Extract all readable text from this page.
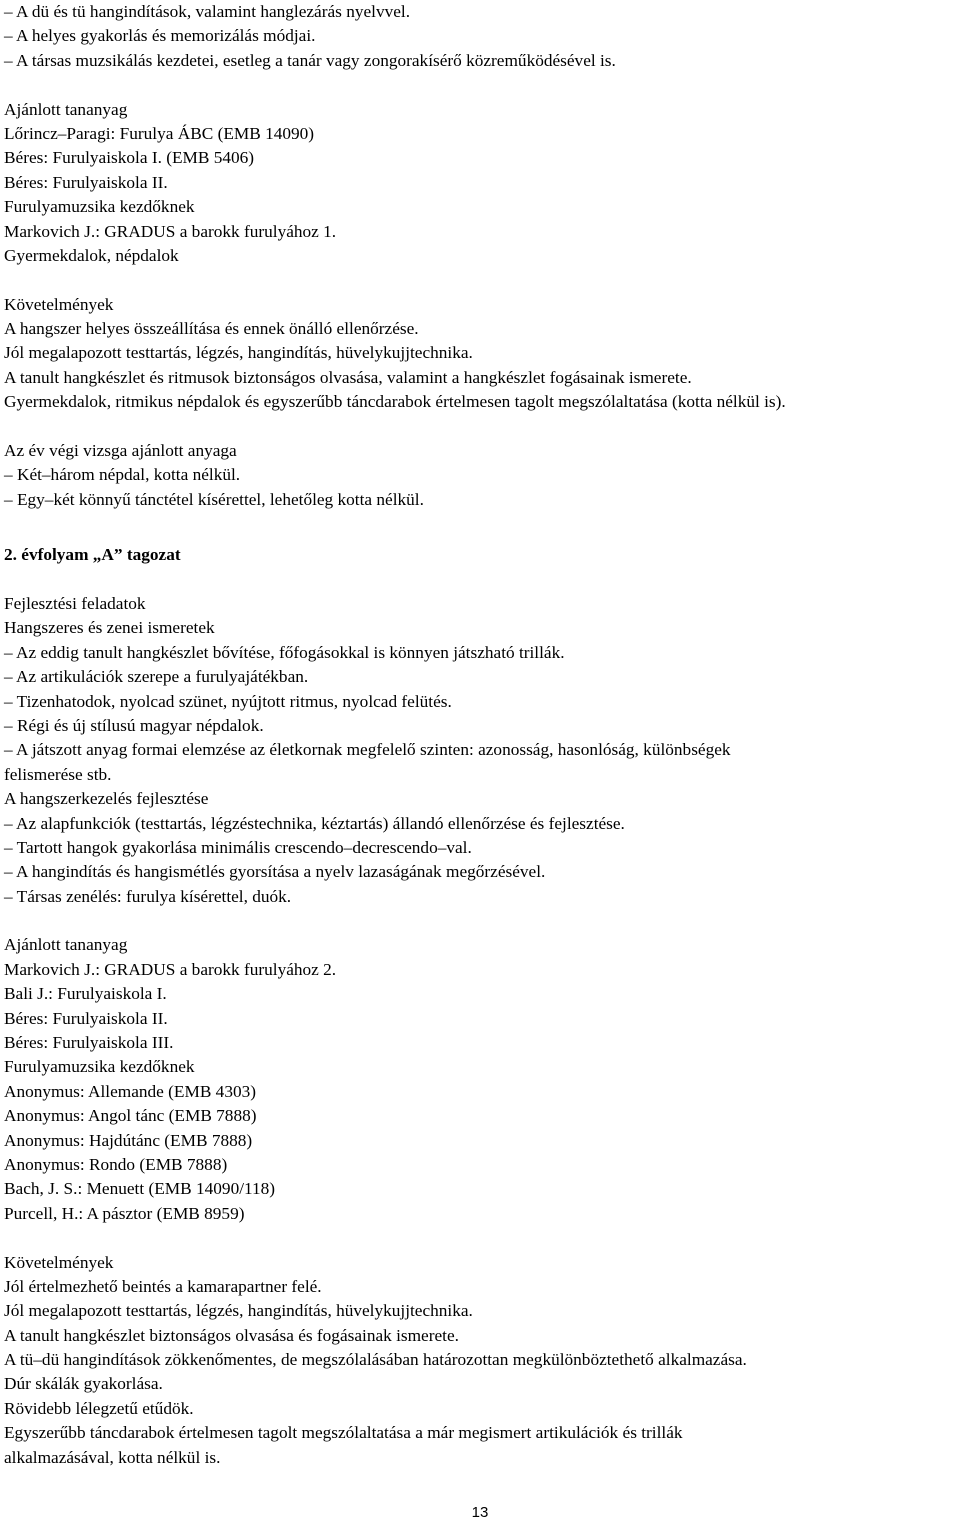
– A dü és tü hangindítások, valamint hanglezárás nyelvvel.
– A helyes gyakorlás és memorizálás módjai.
– A társas muzsikálás kezdetei, esetleg a tanár vagy zongorakísérő közreműködésével is.
Ajánlott tananyag
Lőrincz–Paragi: Furulya ÁBC (EMB 14090)
Béres: Furulyaiskola I. (EMB 5406)
Béres: Furulyaiskola II.
Furulyamuzsika kezdőknek
Markovich J.: GRADUS a barokk furulyához 1.
Gyermekdalok, népdalok
Követelmények
A hangszer helyes összeállítása és ennek önálló ellenőrzése.
Jól megalapozott testtartás, légzés, hangindítás, hüvelykujjtechnika.
A tanult hangkészlet és ritmusok biztonságos olvasása, valamint a hangkészlet fogásainak ismerete.
Gyermekdalok, ritmikus népdalok és egyszerűbb táncdarabok értelmesen tagolt megszólaltatása (kotta nélkül is).
Az év végi vizsga ajánlott anyaga
– Két–három népdal, kotta nélkül.
– Egy–két könnyű tánctétel kísérettel, lehetőleg kotta nélkül.
2. évfolyam „A” tagozat
Fejlesztési feladatok
Hangszeres és zenei ismeretek
– Az eddig tanult hangkészlet bővítése, főfogásokkal is könnyen játszható trillák.
– Az artikulációk szerepe a furulyajátékban.
– Tizenhatodok, nyolcad szünet, nyújtott ritmus, nyolcad felütés.
– Régi és új stílusú magyar népdalok.
– A játszott anyag formai elemzése az életkornak megfelelő szinten: azonosság, hasonlóság, különbségek
felismerése stb.
A hangszerkezelés fejlesztése
– Az alapfunkciók (testtartás, légzéstechnika, kéztartás) állandó ellenőrzése és fejlesztése.
– Tartott hangok gyakorlása minimális crescendo–decrescendo–val.
– A hangindítás és hangismétlés gyorsítása a nyelv lazaságának megőrzésével.
– Társas zenélés: furulya kísérettel, duók.
Ajánlott tananyag
Markovich J.: GRADUS a barokk furulyához 2.
Bali J.: Furulyaiskola I.
Béres: Furulyaiskola II.
Béres: Furulyaiskola III.
Furulyamuzsika kezdőknek
Anonymus: Allemande (EMB 4303)
Anonymus: Angol tánc (EMB 7888)
Anonymus: Hajdútánc (EMB 7888)
Anonymus: Rondo (EMB 7888)
Bach, J. S.: Menuett (EMB 14090/118)
Purcell, H.: A pásztor (EMB 8959)
Követelmények
Jól értelmezhető beintés a kamarapartner felé.
Jól megalapozott testtartás, légzés, hangindítás, hüvelykujjtechnika.
A tanult hangkészlet biztonságos olvasása és fogásainak ismerete.
A tü–dü hangindítások zökkenőmentes, de megszólalásában határozottan megkülönböztethető alkalmazása.
Dúr skálák gyakorlása.
Rövidebb lélegzetű etűdök.
Egyszerűbb táncdarabok értelmesen tagolt megszólaltatása a már megismert artikulációk és trillák
alkalmazásával, kotta nélkül is.
13
